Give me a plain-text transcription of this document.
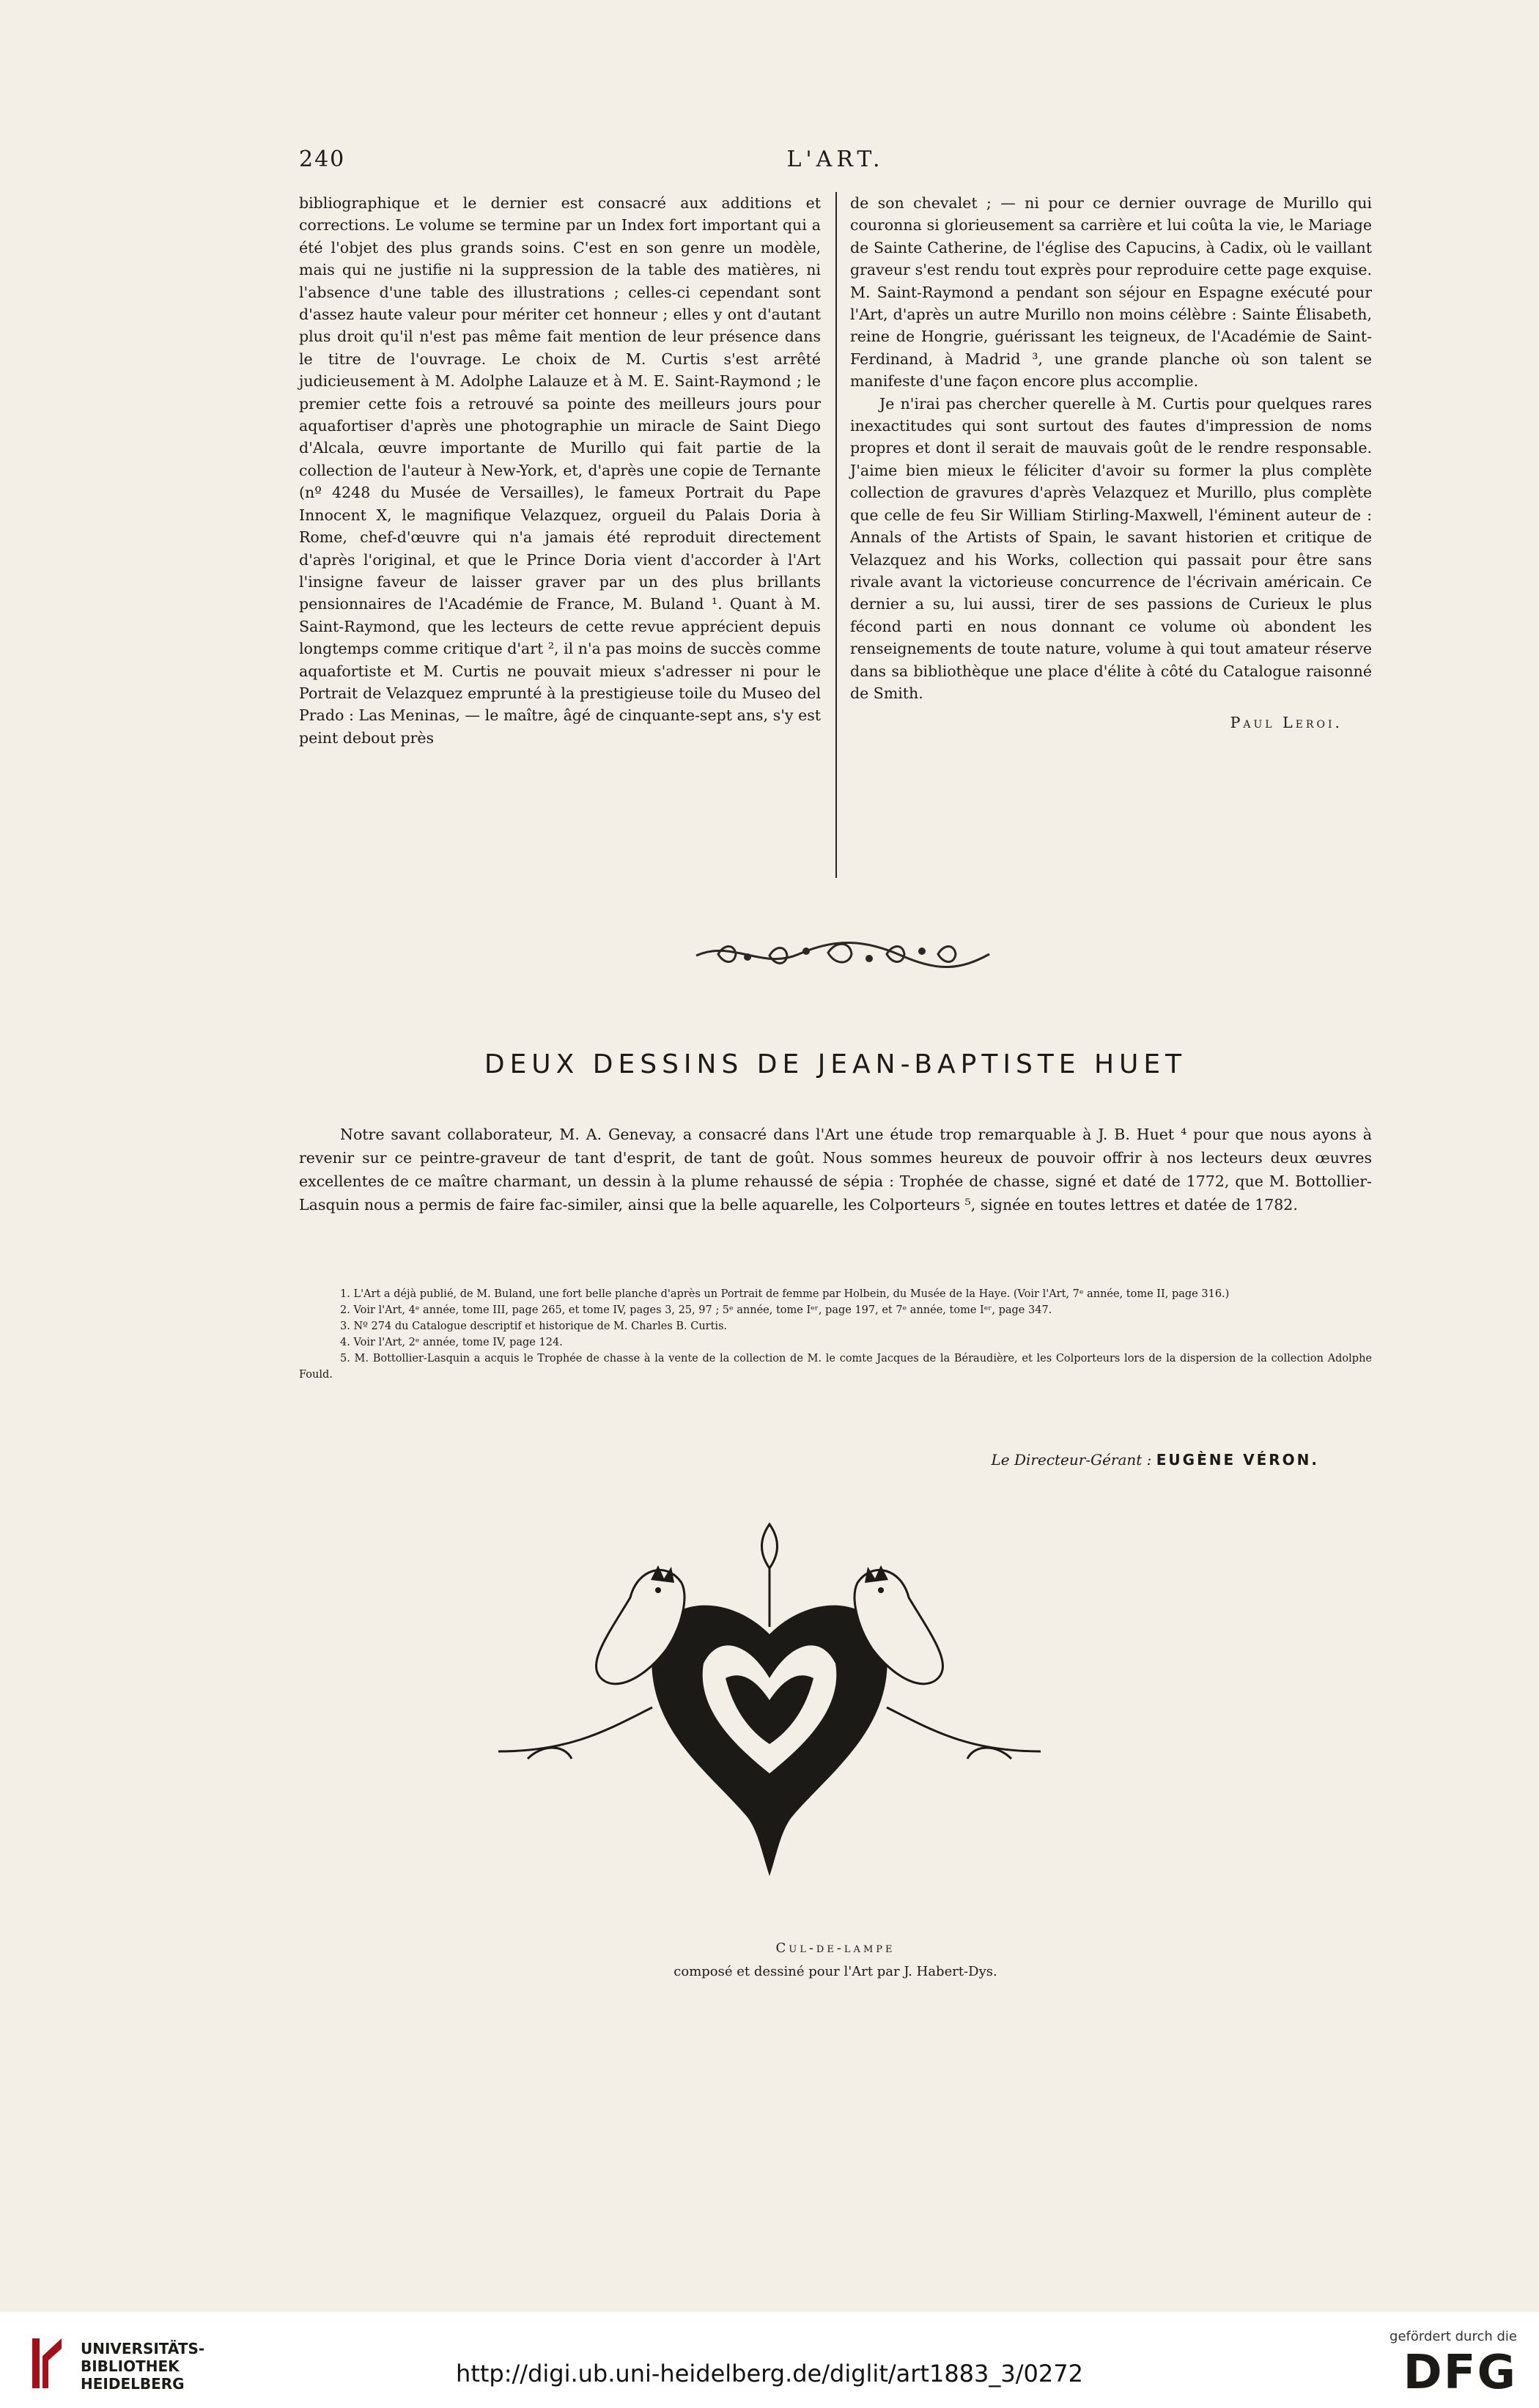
240	L'ART.

bibliographique et le dernier est consacré aux additions et corrections. Le volume se termine par un Index fort important qui a été l'objet des plus grands soins. C'est en son genre un modèle, mais qui ne justifie ni la suppression de la table des matières, ni l'absence d'une table des illustrations ; celles-ci cependant sont d'assez haute valeur pour mériter cet honneur ; elles y ont d'autant plus droit qu'il n'est pas même fait mention de leur présence dans le titre de l'ouvrage. Le choix de M. Curtis s'est arrêté judicieusement à M. Adolphe Lalauze et à M. E. Saint-Raymond ; le premier cette fois a retrouvé sa pointe des meilleurs jours pour aquafortiser d'après une photographie un miracle de Saint Diego d'Alcala, œuvre importante de Murillo qui fait partie de la collection de l'auteur à New-York, et, d'après une copie de Ternante (nº 4248 du Musée de Versailles), le fameux Portrait du Pape Innocent X, le magnifique Velazquez, orgueil du Palais Doria à Rome, chef-d'œuvre qui n'a jamais été reproduit directement d'après l'original, et que le Prince Doria vient d'accorder à l'Art l'insigne faveur de laisser graver par un des plus brillants pensionnaires de l'Académie de France, M. Buland ¹. Quant à M. Saint-Raymond, que les lecteurs de cette revue apprécient depuis longtemps comme critique d'art ², il n'a pas moins de succès comme aquafortiste et M. Curtis ne pouvait mieux s'adresser ni pour le Portrait de Velazquez emprunté à la prestigieuse toile du Museo del Prado : Las Meninas, — le maître, âgé de cinquante-sept ans, s'y est peint debout près

de son chevalet ; — ni pour ce dernier ouvrage de Murillo qui couronna si glorieusement sa carrière et lui coûta la vie, le Mariage de Sainte Catherine, de l'église des Capucins, à Cadix, où le vaillant graveur s'est rendu tout exprès pour reproduire cette page exquise. M. Saint-Raymond a pendant son séjour en Espagne exécuté pour l'Art, d'après un autre Murillo non moins célèbre : Sainte Élisabeth, reine de Hongrie, guérissant les teigneux, de l'Académie de Saint-Ferdinand, à Madrid ³, une grande planche où son talent se manifeste d'une façon encore plus accomplie.

Je n'irai pas chercher querelle à M. Curtis pour quelques rares inexactitudes qui sont surtout des fautes d'impression de noms propres et dont il serait de mauvais goût de le rendre responsable. J'aime bien mieux le féliciter d'avoir su former la plus complète collection de gravures d'après Velazquez et Murillo, plus complète que celle de feu Sir William Stirling-Maxwell, l'éminent auteur de : Annals of the Artists of Spain, le savant historien et critique de Velazquez and his Works, collection qui passait pour être sans rivale avant la victorieuse concurrence de l'écrivain américain. Ce dernier a su, lui aussi, tirer de ses passions de Curieux le plus fécond parti en nous donnant ce volume où abondent les renseignements de toute nature, volume à qui tout amateur réserve dans sa bibliothèque une place d'élite à côté du Catalogue raisonné de Smith.

Paul Leroi.
DEUX DESSINS DE JEAN-BAPTISTE HUET

Notre savant collaborateur, M. A. Genevay, a consacré dans l'Art une étude trop remarquable à J. B. Huet ⁴ pour que nous ayons à revenir sur ce peintre-graveur de tant d'esprit, de tant de goût. Nous sommes heureux de pouvoir offrir à nos lecteurs deux œuvres excellentes de ce maître charmant, un dessin à la plume rehaussé de sépia : Trophée de chasse, signé et daté de 1772, que M. Bottollier-Lasquin nous a permis de faire fac-similer, ainsi que la belle aquarelle, les Colporteurs ⁵, signée en toutes lettres et datée de 1782.

1. L'Art a déjà publié, de M. Buland, une fort belle planche d'après un Portrait de femme par Holbein, du Musée de la Haye. (Voir l'Art, 7ᵉ année, tome II, page 316.)

2. Voir l'Art, 4ᵉ année, tome III, page 265, et tome IV, pages 3, 25, 97 ; 5ᵉ année, tome Iᵉʳ, page 197, et 7ᵉ année, tome Iᵉʳ, page 347.

3. Nº 274 du Catalogue descriptif et historique de M. Charles B. Curtis.

4. Voir l'Art, 2ᵉ année, tome IV, page 124.

5. M. Bottollier-Lasquin a acquis le Trophée de chasse à la vente de la collection de M. le comte Jacques de la Béraudière, et les Colporteurs lors de la dispersion de la collection Adolphe Fould.

Le Directeur-Gérant : EUGÈNE VÉRON.
Cul-de-lampe
composé et dessiné pour l'Art par J. Habert-Dys.
UNIVERSITÄTS-
BIBLIOTHEK
HEIDELBERG	http://digi.ub.uni-heidelberg.de/diglit/art1883_3/0272
gefördert durch die
DFG
